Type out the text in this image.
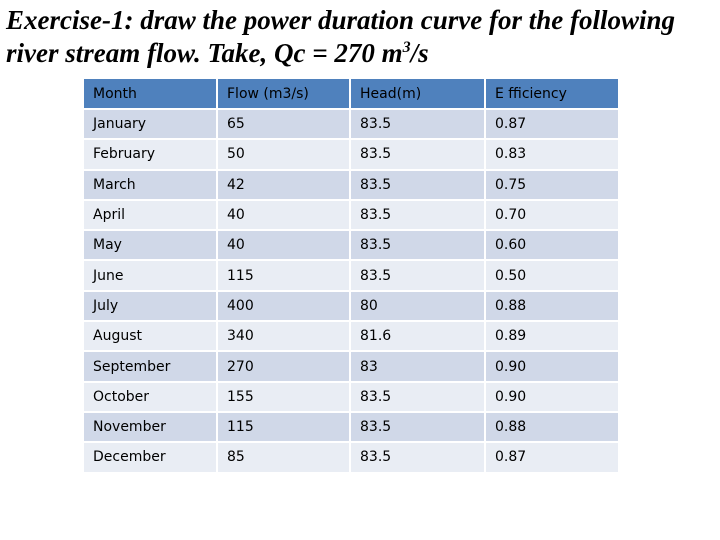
Exercise-1: draw the power duration curve for the following river stream flow. Take, Qc = 270 $m^3/s$
Month	Flow (m3/s)	Head(m)	E fficiency
January	65	83.5	0.87
February	50	83.5	0.83
March	42	83.5	0.75
April	40	83.5	0.70
May	40	83.5	0.60
June	115	83.5	0.50
July	400	80	0.88
August	340	81.6	0.89
September	270	83	0.90
October	155	83.5	0.90
November	115	83.5	0.88
December	85	83.5	0.87
